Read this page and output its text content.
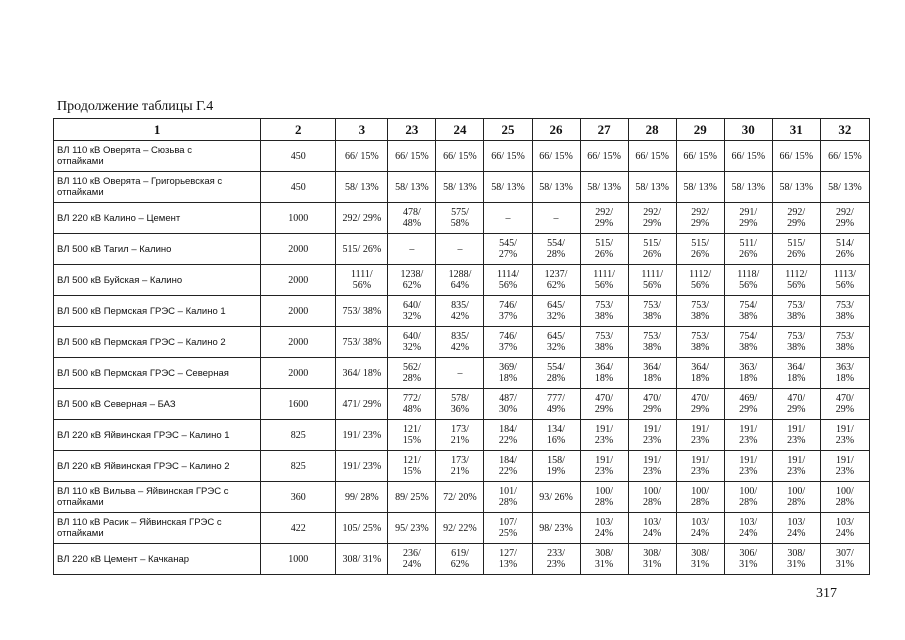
Продолжение таблицы Г.4
1	2	3	23	24	25	26	27	28	29	30	31	32
ВЛ 110 кВ Оверята – Сюзьва с
отпайками	450	66/ 15%	66/ 15%	66/ 15%	66/ 15%	66/ 15%	66/ 15%	66/ 15%	66/ 15%	66/ 15%	66/ 15%	66/ 15%
ВЛ 110 кВ Оверята – Григорьевская с
отпайками	450	58/ 13%	58/ 13%	58/ 13%	58/ 13%	58/ 13%	58/ 13%	58/ 13%	58/ 13%	58/ 13%	58/ 13%	58/ 13%
ВЛ 220 кВ Калино – Цемент	1000	292/ 29%	478/
48%	575/
58%	–	–	292/
29%	292/
29%	292/
29%	291/
29%	292/
29%	292/
29%
ВЛ 500 кВ Тагил – Калино	2000	515/ 26%	–	–	545/
27%	554/
28%	515/
26%	515/
26%	515/
26%	511/
26%	515/
26%	514/
26%
ВЛ 500 кВ Буйская – Калино	2000	1111/
56%	1238/
62%	1288/
64%	1114/
56%	1237/
62%	1111/
56%	1111/
56%	1112/
56%	1118/
56%	1112/
56%	1113/
56%
ВЛ 500 кВ Пермская ГРЭС – Калино 1	2000	753/ 38%	640/
32%	835/
42%	746/
37%	645/
32%	753/
38%	753/
38%	753/
38%	754/
38%	753/
38%	753/
38%
ВЛ 500 кВ Пермская ГРЭС – Калино 2	2000	753/ 38%	640/
32%	835/
42%	746/
37%	645/
32%	753/
38%	753/
38%	753/
38%	754/
38%	753/
38%	753/
38%
ВЛ 500 кВ Пермская ГРЭС – Северная	2000	364/ 18%	562/
28%	–	369/
18%	554/
28%	364/
18%	364/
18%	364/
18%	363/
18%	364/
18%	363/
18%
ВЛ 500 кВ Северная – БАЗ	1600	471/ 29%	772/
48%	578/
36%	487/
30%	777/
49%	470/
29%	470/
29%	470/
29%	469/
29%	470/
29%	470/
29%
ВЛ 220 кВ Яйвинская ГРЭС – Калино 1	825	191/ 23%	121/
15%	173/
21%	184/
22%	134/
16%	191/
23%	191/
23%	191/
23%	191/
23%	191/
23%	191/
23%
ВЛ 220 кВ Яйвинская ГРЭС – Калино 2	825	191/ 23%	121/
15%	173/
21%	184/
22%	158/
19%	191/
23%	191/
23%	191/
23%	191/
23%	191/
23%	191/
23%
ВЛ 110 кВ Вильва – Яйвинская ГРЭС с
отпайками	360	99/ 28%	89/ 25%	72/ 20%	101/
28%	93/ 26%	100/
28%	100/
28%	100/
28%	100/
28%	100/
28%	100/
28%
ВЛ 110 кВ Расик – Яйвинская ГРЭС с
отпайками	422	105/ 25%	95/ 23%	92/ 22%	107/
25%	98/ 23%	103/
24%	103/
24%	103/
24%	103/
24%	103/
24%	103/
24%
ВЛ 220 кВ Цемент – Качканар	1000	308/ 31%	236/
24%	619/
62%	127/
13%	233/
23%	308/
31%	308/
31%	308/
31%	306/
31%	308/
31%	307/
31%
317
